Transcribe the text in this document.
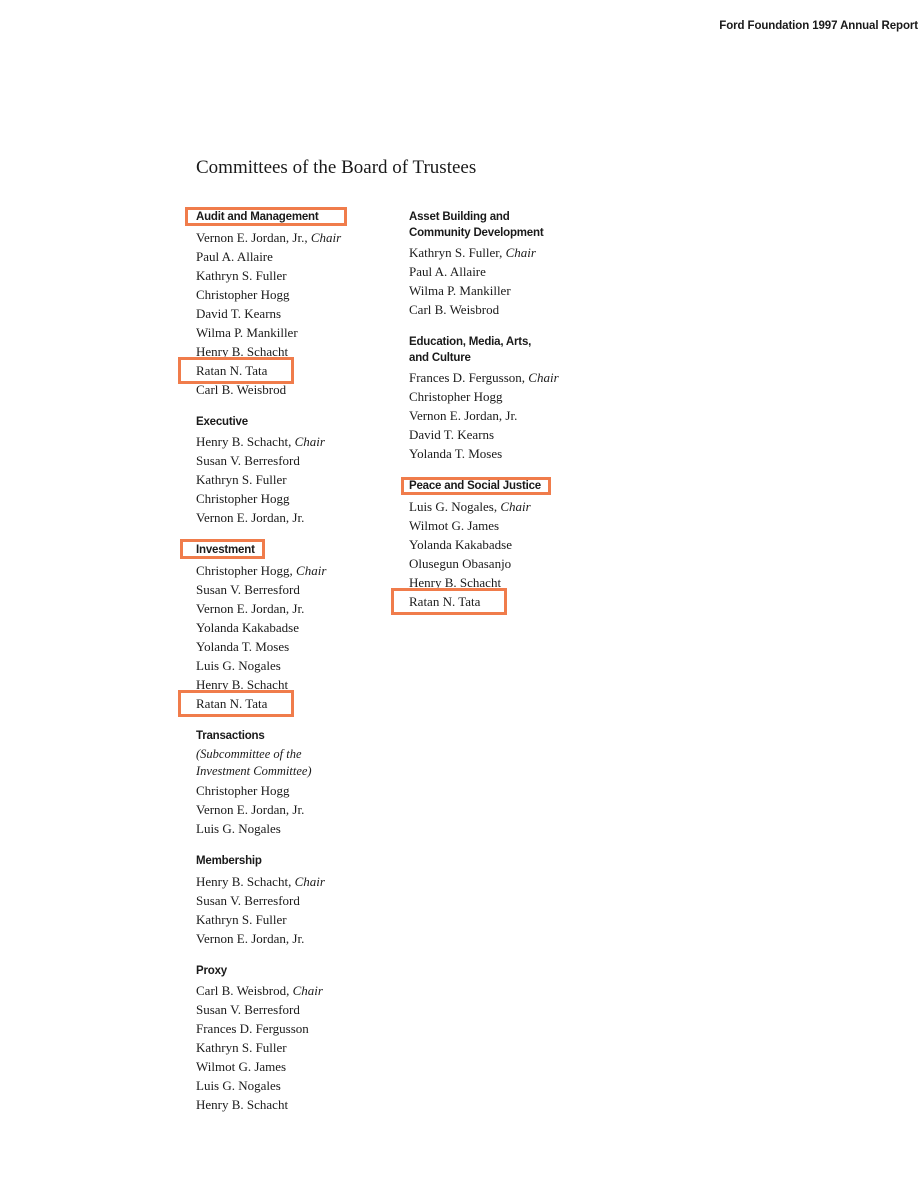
Ford Foundation 1997 Annual Report
Committees of the Board of Trustees
Audit and Management
Vernon E. Jordan, Jr., Chair
Paul A. Allaire
Kathryn S. Fuller
Christopher Hogg
David T. Kearns
Wilma P. Mankiller
Henry B. Schacht
Ratan N. Tata
Carl B. Weisbrod
Executive
Henry B. Schacht, Chair
Susan V. Berresford
Kathryn S. Fuller
Christopher Hogg
Vernon E. Jordan, Jr.
Investment
Christopher Hogg, Chair
Susan V. Berresford
Vernon E. Jordan, Jr.
Yolanda Kakabadse
Yolanda T. Moses
Luis G. Nogales
Henry B. Schacht
Ratan N. Tata
Transactions
(Subcommittee of the
Investment Committee)
Christopher Hogg
Vernon E. Jordan, Jr.
Luis G. Nogales
Membership
Henry B. Schacht, Chair
Susan V. Berresford
Kathryn S. Fuller
Vernon E. Jordan, Jr.
Proxy
Carl B. Weisbrod, Chair
Susan V. Berresford
Frances D. Fergusson
Kathryn S. Fuller
Wilmot G. James
Luis G. Nogales
Henry B. Schacht
Asset Building and
Community Development
Kathryn S. Fuller, Chair
Paul A. Allaire
Wilma P. Mankiller
Carl B. Weisbrod
Education, Media, Arts,
and Culture
Frances D. Fergusson, Chair
Christopher Hogg
Vernon E. Jordan, Jr.
David T. Kearns
Yolanda T. Moses
Peace and Social Justice
Luis G. Nogales, Chair
Wilmot G. James
Yolanda Kakabadse
Olusegun Obasanjo
Henry B. Schacht
Ratan N. Tata
